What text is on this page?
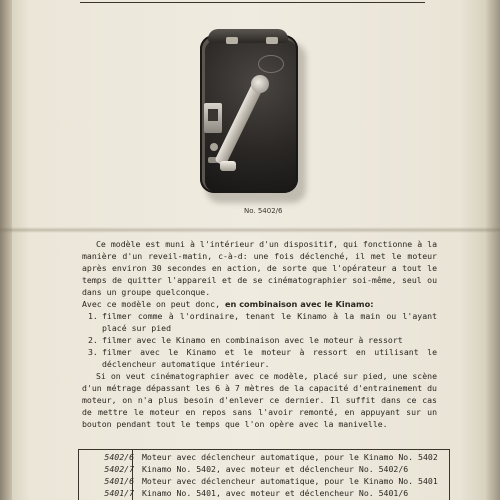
No. 5402/6

Ce modèle est muni à l'intérieur d'un dispositif, qui fonctionne à la manière d'un reveil-matin, c-à-d: une fois déclenché, il met le moteur après environ 30 secondes en action, de sorte que l'opérateur a tout le temps de quitter l'appareil et de se cinématographier soi-même, seul ou dans un groupe quelconque.

Avec ce modèle on peut donc, en combinaison avec le Kinamo:

1. filmer comme à l'ordinaire, tenant le Kinamo à la main ou l'ayant placé sur pied
2. filmer avec le Kinamo en combinaison avec le moteur à ressort
3. filmer avec le Kinamo et le moteur à ressort en utilisant le déclencheur automatique intérieur.

Si on veut cinématographier avec ce modèle, placé sur pied, une scène d'un métrage dépassant les 6 à 7 mètres de la capacité d'entrainement du moteur, on n'a plus besoin d'enlever ce dernier. Il suffit dans ce cas de mettre le moteur en repos sans l'avoir remonté, en appuyant sur un bouton pendant tout le temps que l'on opère avec la manivelle.

5402/6 Moteur avec déclencheur automatique, pour le Kinamo No. 5402
5402/7 Kinamo No. 5402, avec moteur et déclencheur No. 5402/6
5401/6 Moteur avec déclencheur automatique, pour le Kinamo No. 5401
5401/7 Kinamo No. 5401, avec moteur et déclencheur No. 5401/6
